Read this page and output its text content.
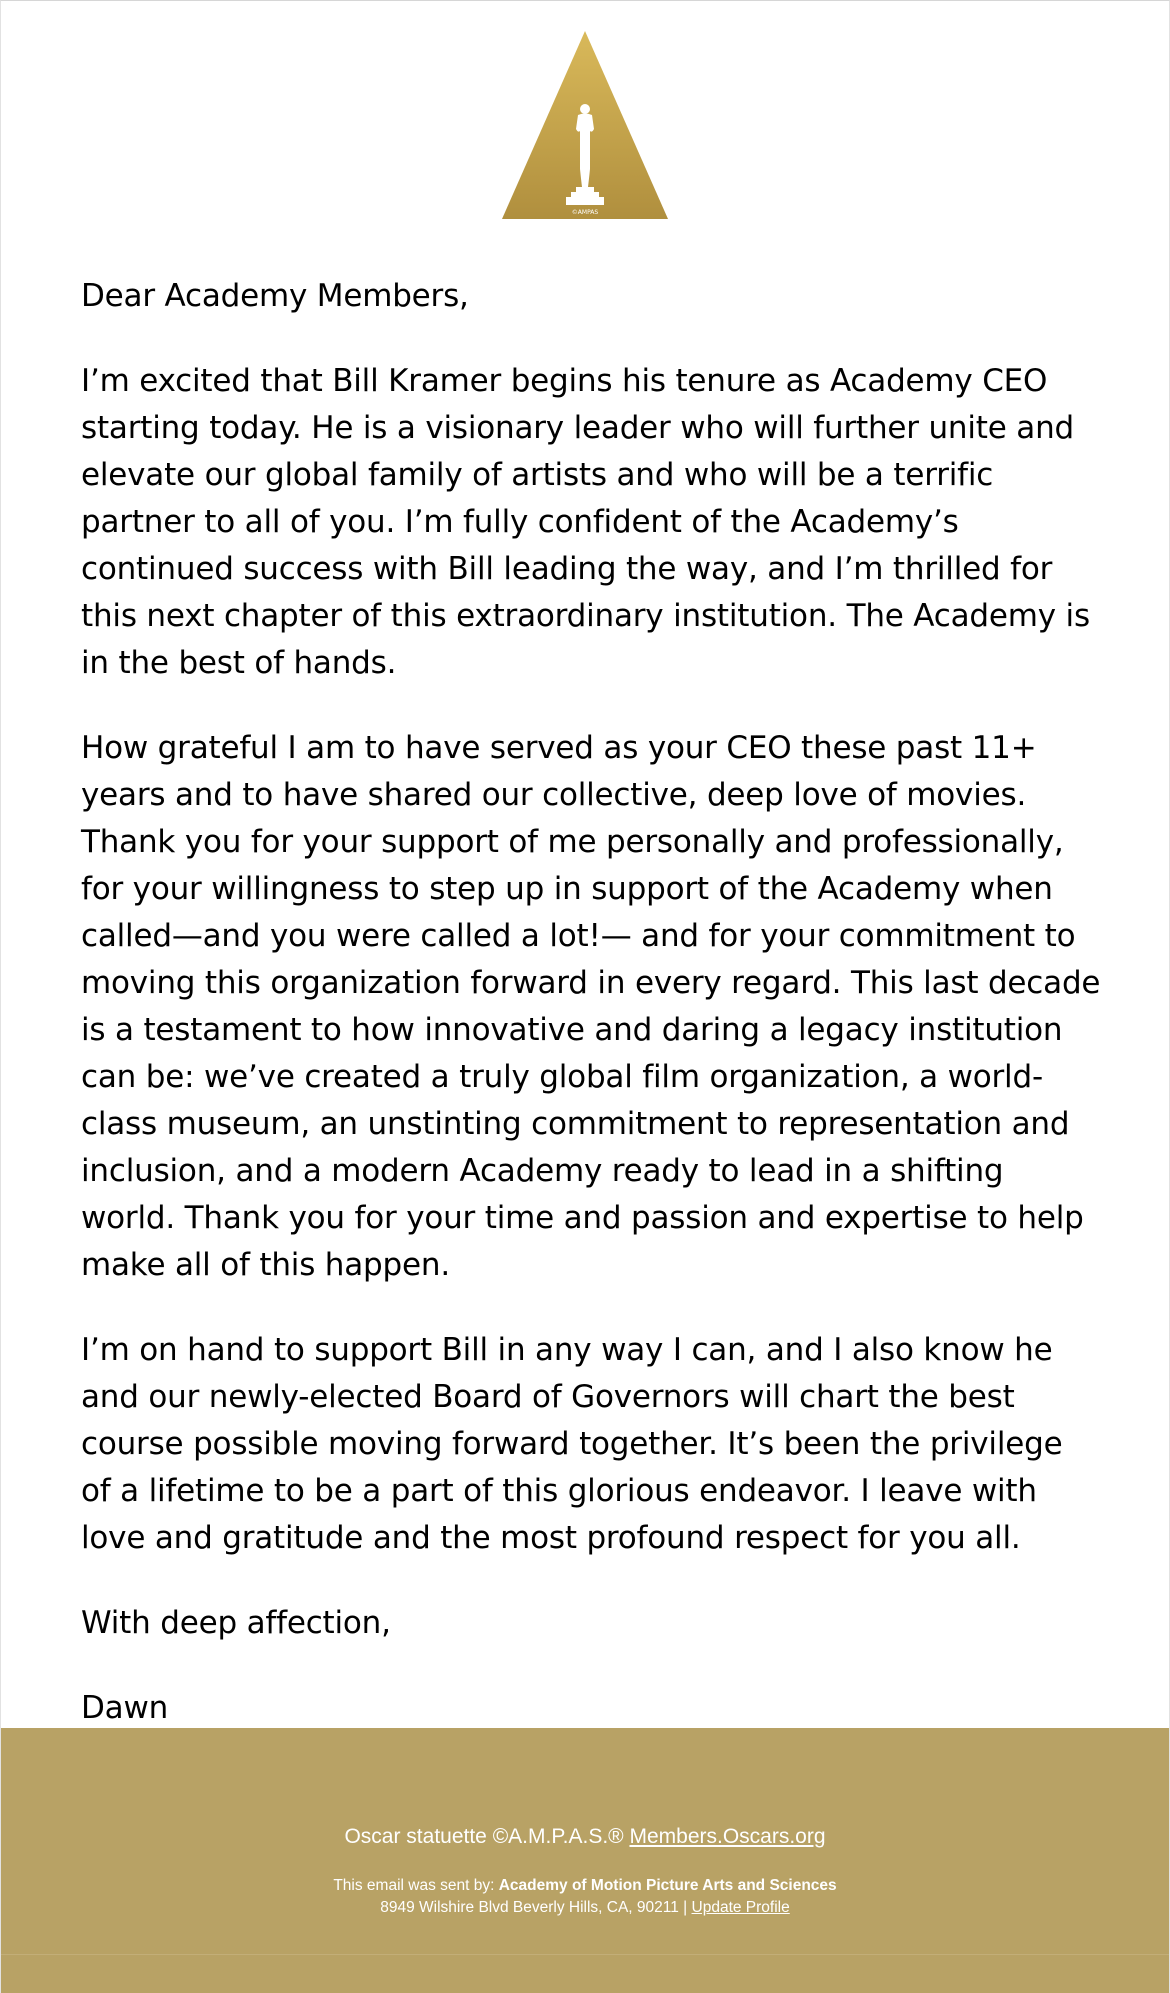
©AMPAS

Dear Academy Members,

I’m excited that Bill Kramer begins his tenure as Academy CEO starting today. He is a visionary leader who will further unite and elevate our global family of artists and who will be a terrific partner to all of you. I’m fully confident of the Academy’s continued success with Bill leading the way, and I’m thrilled for this next chapter of this extraordinary institution. The Academy is in the best of hands.

How grateful I am to have served as your CEO these past 11+ years and to have shared our collective, deep love of movies. Thank you for your support of me personally and professionally, for your willingness to step up in support of the Academy when called—and you were called a lot!— and for your commitment to moving this organization forward in every regard. This last decade is a testament to how innovative and daring a legacy institution can be: we’ve created a truly global film organization, a world-class museum, an unstinting commitment to representation and inclusion, and a modern Academy ready to lead in a shifting world. Thank you for your time and passion and expertise to help make all of this happen.

I’m on hand to support Bill in any way I can, and I also know he and our newly-elected Board of Governors will chart the best course possible moving forward together. It’s been the privilege of a lifetime to be a part of this glorious endeavor. I leave with love and gratitude and the most profound respect for you all.

With deep affection,

Dawn

Oscar statuette ©A.M.P.A.S.® Members.Oscars.org
This email was sent by: Academy of Motion Picture Arts and Sciences
8949 Wilshire Blvd Beverly Hills, CA, 90211 | Update Profile
